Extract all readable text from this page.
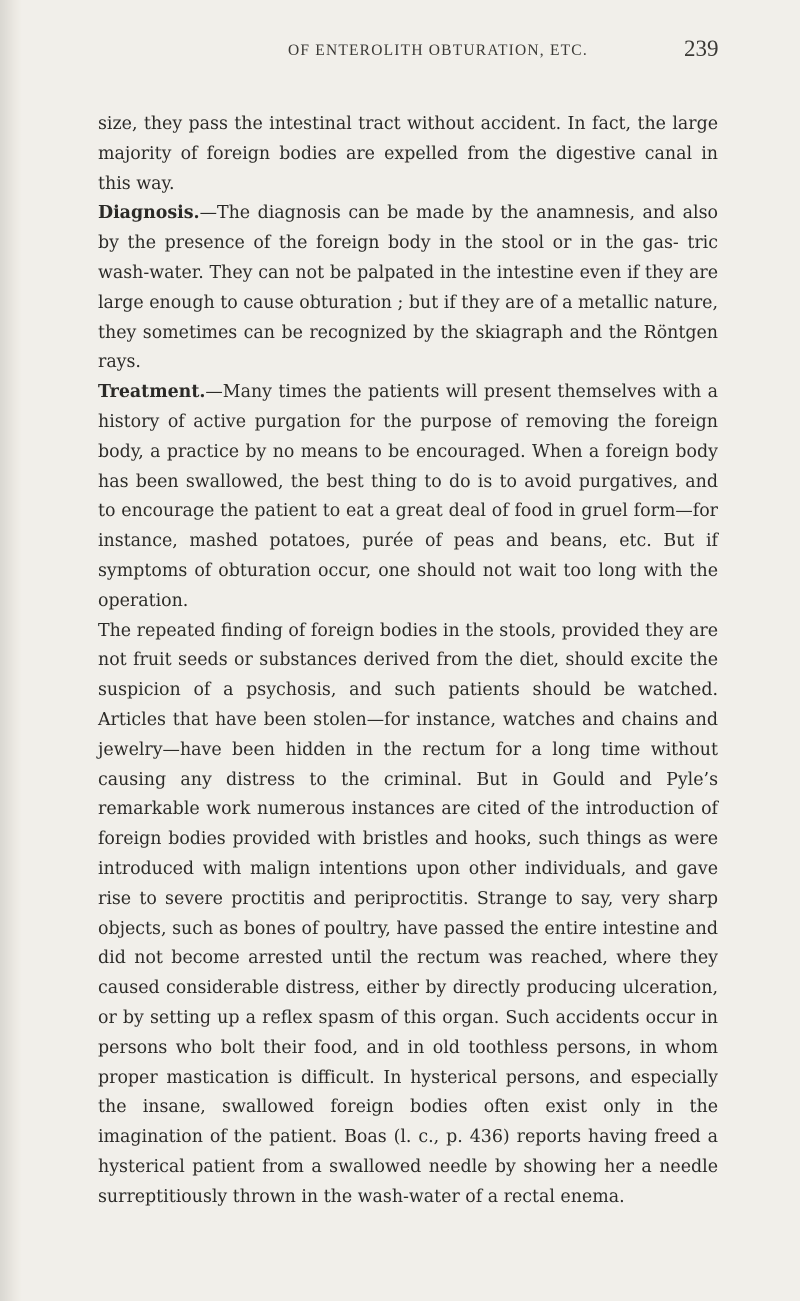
OF ENTEROLITH OBTURATION, ETC.	239

size, they pass the intestinal tract without accident. In fact, the large majority of foreign bodies are expelled from the digestive canal in this way.

Diagnosis.—The diagnosis can be made by the anamnesis, and also by the presence of the foreign body in the stool or in the gas- tric wash-water. They can not be palpated in the intestine even if they are large enough to cause obturation ; but if they are of a metallic nature, they sometimes can be recognized by the skiagraph and the Röntgen rays.

Treatment.—Many times the patients will present themselves with a history of active purgation for the purpose of removing the foreign body, a practice by no means to be encouraged. When a foreign body has been swallowed, the best thing to do is to avoid purgatives, and to encourage the patient to eat a great deal of food in gruel form—for instance, mashed potatoes, purée of peas and beans, etc. But if symptoms of obturation occur, one should not wait too long with the operation.

The repeated finding of foreign bodies in the stools, provided they are not fruit seeds or substances derived from the diet, should excite the suspicion of a psychosis, and such patients should be watched. Articles that have been stolen—for instance, watches and chains and jewelry—have been hidden in the rectum for a long time without causing any distress to the criminal. But in Gould and Pyle’s remarkable work numerous instances are cited of the introduction of foreign bodies provided with bristles and hooks, such things as were introduced with malign intentions upon other individuals, and gave rise to severe proctitis and periproctitis. Strange to say, very sharp objects, such as bones of poultry, have passed the entire intestine and did not become arrested until the rectum was reached, where they caused considerable distress, either by directly producing ulceration, or by setting up a reflex spasm of this organ. Such accidents occur in persons who bolt their food, and in old toothless persons, in whom proper mastication is difficult. In hysterical persons, and especially the insane, swallowed foreign bodies often exist only in the imagination of the patient. Boas (l. c., p. 436) reports having freed a hysterical patient from a swallowed needle by showing her a needle surreptitiously thrown in the wash-water of a rectal enema.
